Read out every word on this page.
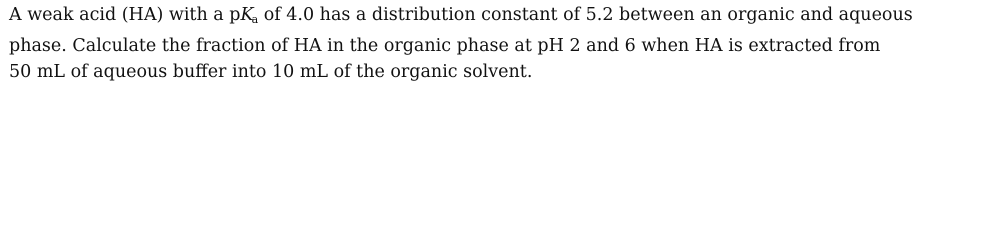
A weak acid (HA) with a pKa of 4.0 has a distribution constant of 5.2 between an organic and aqueous
phase. Calculate the fraction of HA in the organic phase at pH 2 and 6 when HA is extracted from
50 mL of aqueous buffer into 10 mL of the organic solvent.
